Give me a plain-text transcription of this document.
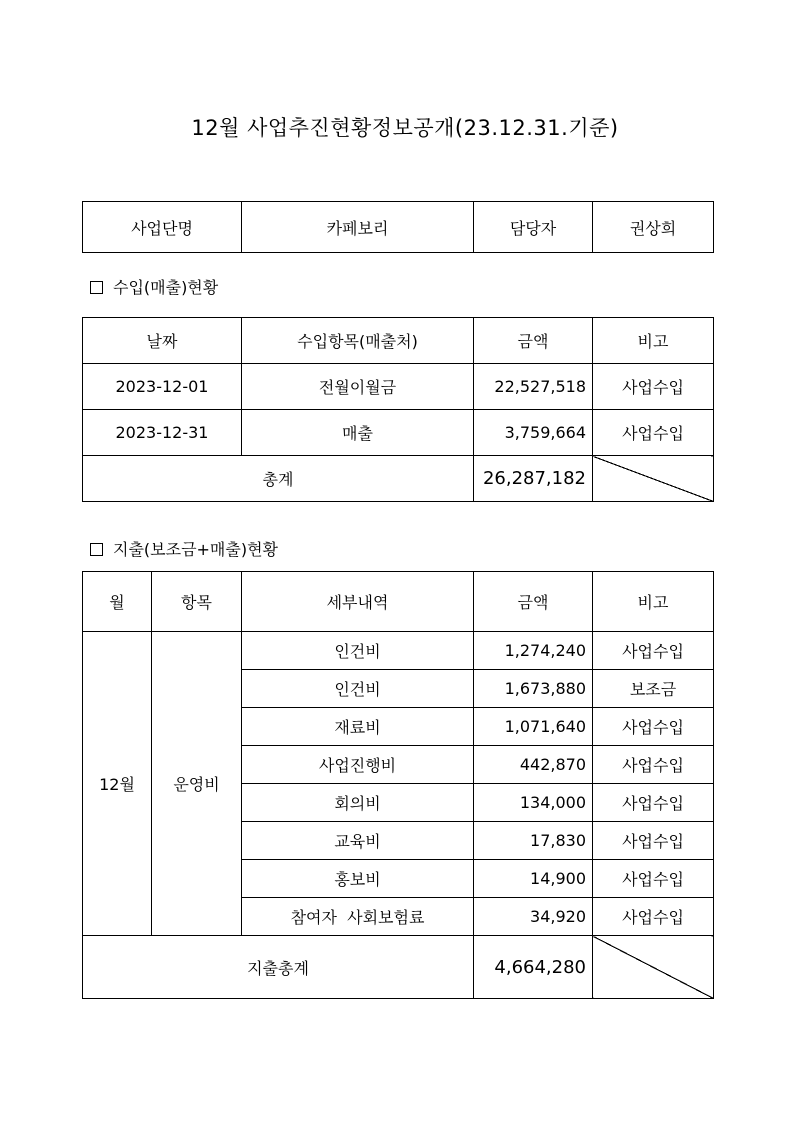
12월 사업추진현황정보공개(23.12.31.기준)
사업단명	카페보리	담당자	권상희
수입(매출)현황
날짜	수입항목(매출처)	금액	비고
2023-12-01	전월이월금	22,527,518	사업수입
2023-12-31	매출	3,759,664	사업수입
총계		26,287,182	
지출(보조금+매출)현황
월	항목	세부내역	금액	비고
12월	운영비	인건비	1,274,240	사업수입
		인건비	1,673,880	보조금
		재료비	1,071,640	사업수입
		사업진행비	442,870	사업수입
		회의비	134,000	사업수입
		교육비	17,830	사업수입
		홍보비	14,900	사업수입
		참여자  사회보험료	34,920	사업수입
지출총계			4,664,280	
